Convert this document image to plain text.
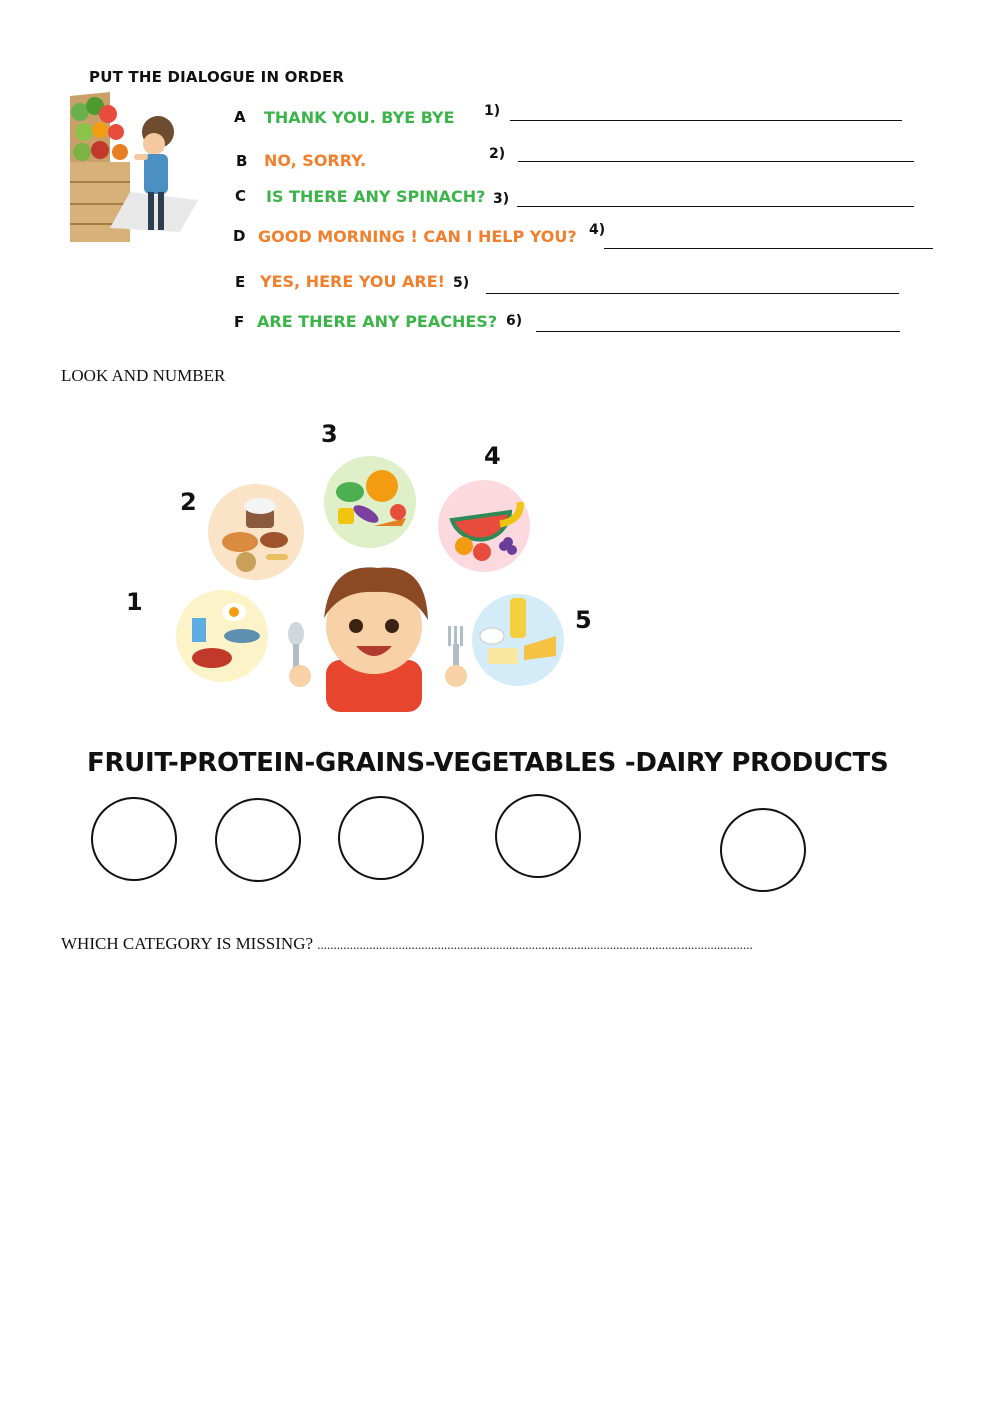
PUT THE DIALOGUE IN ORDER
A THANK YOU. BYE BYE 1)
B NO, SORRY.	2)
C IS THERE ANY SPINACH? 3)
D GOOD MORNING ! CAN I HELP YOU? 4)
E YES, HERE YOU ARE! 5)
F ARE THERE ANY PEACHES? 6)
LOOK AND NUMBER
1
2
3
4
5
FRUIT-PROTEIN-GRAINS-VEGETABLES -DAIRY PRODUCTS
WHICH CATEGORY IS MISSING? ......................................................................................................................................
